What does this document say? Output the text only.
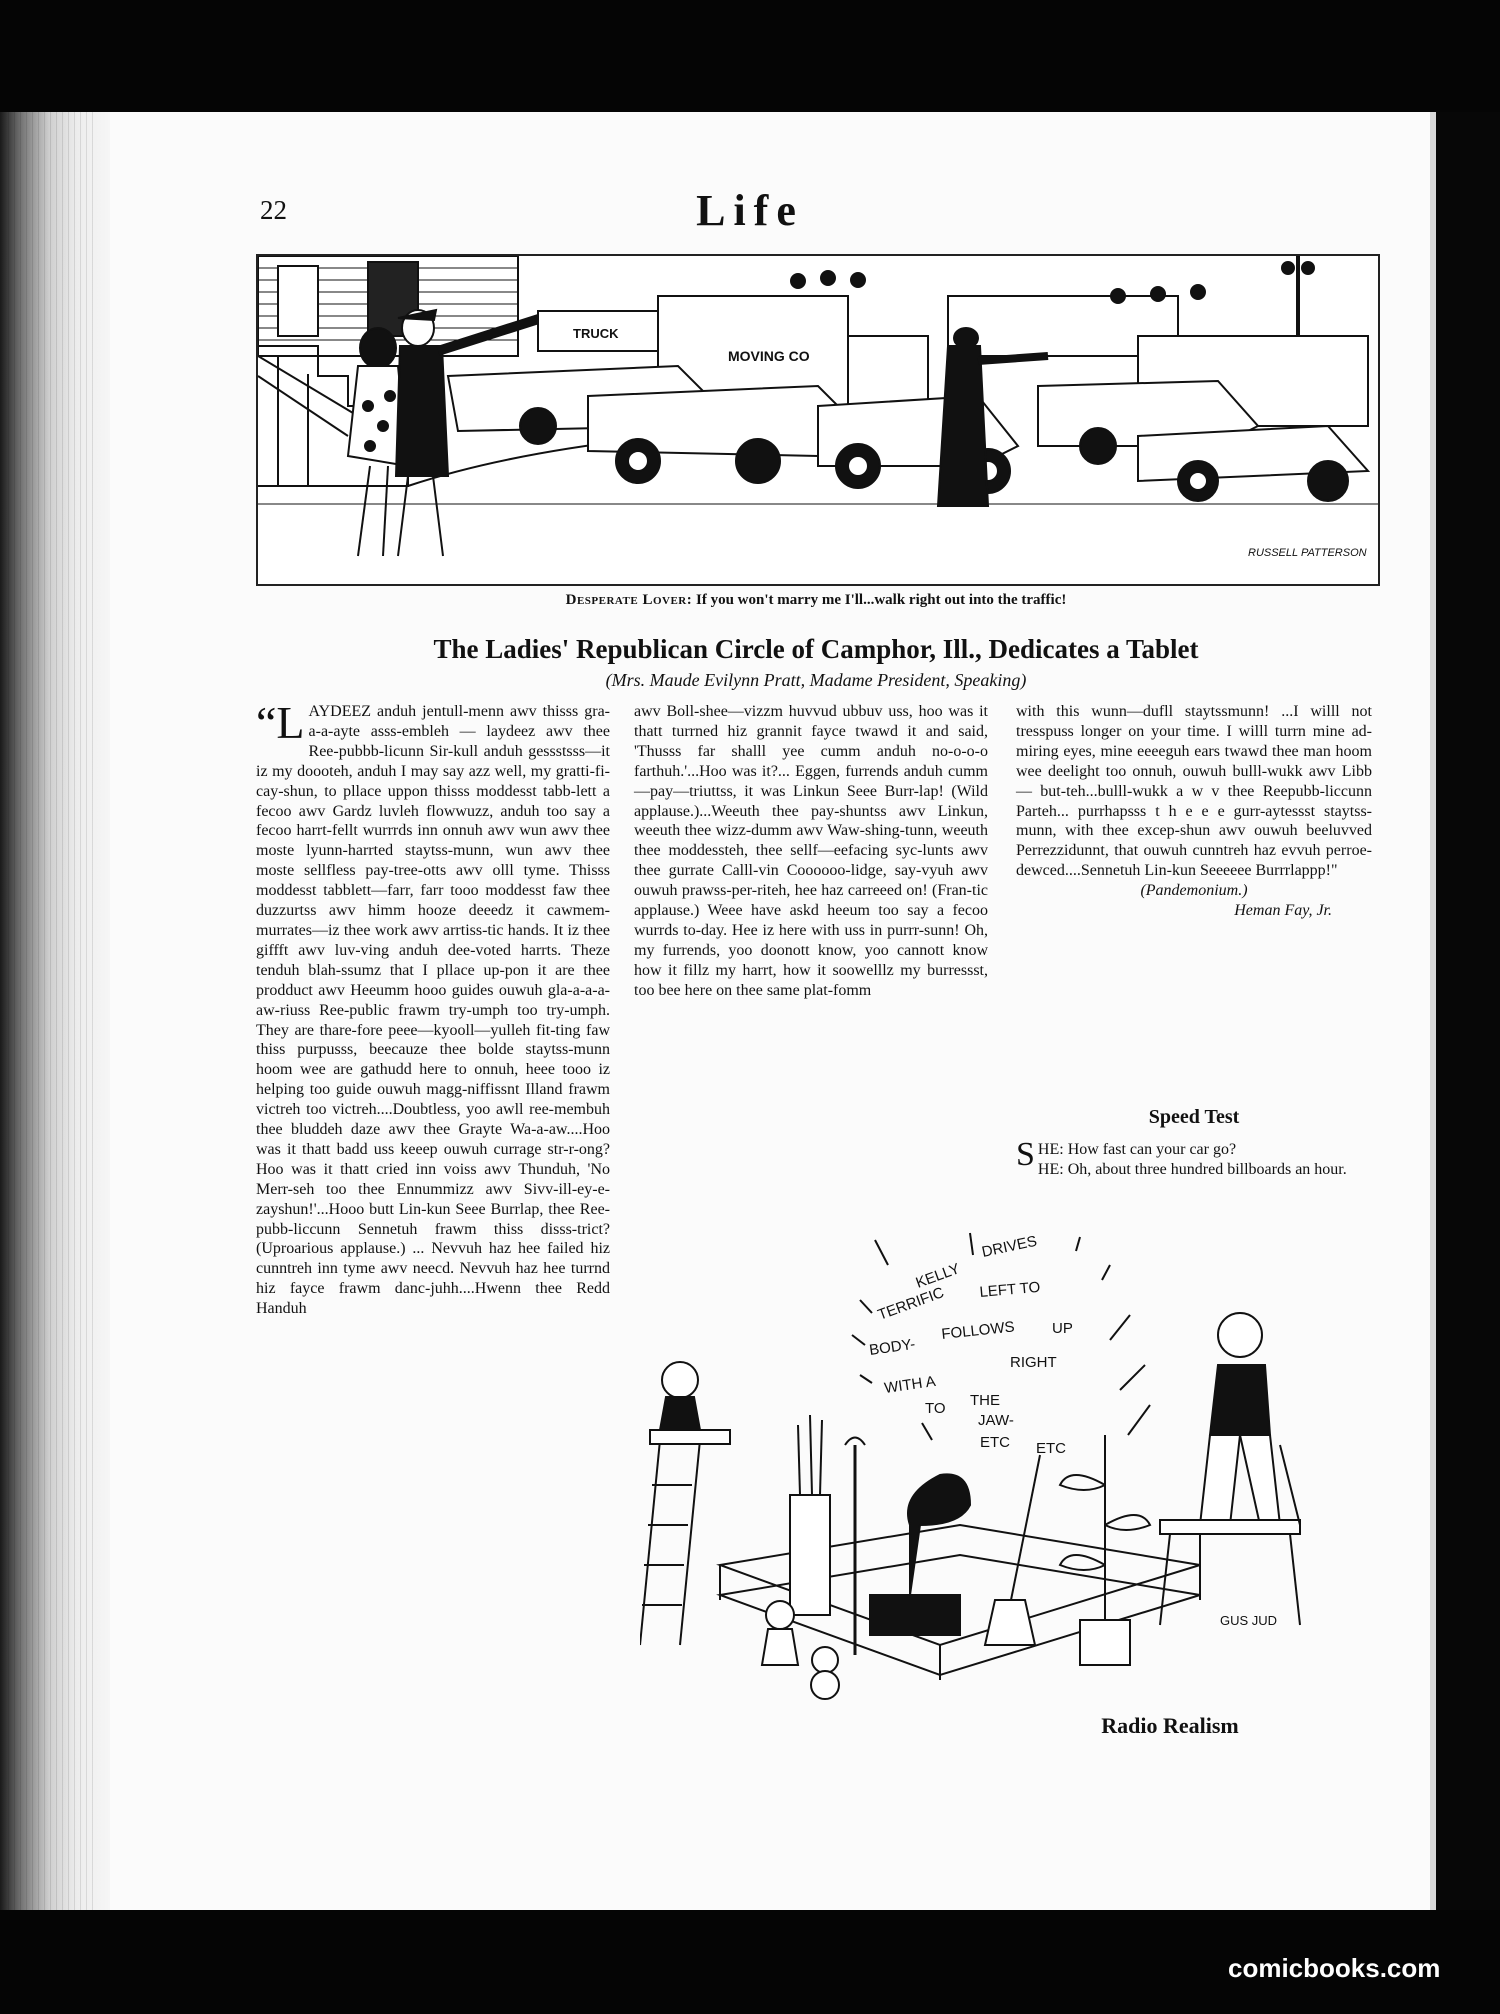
22	Life
TRUCK
MOVING CO
RUSSELL PATTERSON
Desperate Lover: If you won't marry me I'll...walk right out into the traffic!
The Ladies' Republican Circle of Camphor, Ill., Dedicates a Tablet
(Mrs. Maude Evilynn Pratt, Madame President, Speaking)
“LAYDEEZ anduh jentull-menn awv thisss gra-a-a-ayte asss-embleh — laydeez awv thee Ree-pubbb-licunn Sir-kull anduh gessstsss—it iz my doooteh, anduh I may say azz well, my gratti-fi-cay-shun, to pllace uppon thisss moddesst tabb-lett a fecoo awv Gardz luvleh flowwuzz, anduh too say a fecoo harrt-fellt wurrrds inn onnuh awv wun awv thee moste lyunn-harrted staytss-munn, wun awv thee moste sellfless pay-tree-otts awv olll tyme. Thisss moddesst tabblett—farr, farr tooo moddesst faw thee duzzurtss awv himm hooze deeedz it cawmem-murrates—iz thee work awv arrtiss-tic hands. It iz thee giffft awv luv-ving anduh dee-voted harrts. Theze tenduh blah-ssumz that I pllace up-pon it are thee prodduct awv Heeumm hooo guides ouwuh gla-a-a-a-aw-riuss Ree-public frawm try-umph too try-umph. They are thare-fore peee—kyooll—yulleh fit-ting faw thiss purpusss, beecauze thee bolde staytss-munn hoom wee are gathudd here to onnuh, heee tooo iz helping too guide ouwuh magg-niffissnt Illand frawm victreh too victreh....Doubtless, yoo awll ree-membuh thee bluddeh daze awv thee Grayte Wa-a-aw....Hoo was it thatt badd uss keeep ouwuh currage str-r-ong? Hoo was it thatt cried inn voiss awv Thunduh, 'No Merr-seh too thee Ennummizz awv Sivv-ill-ey-e-zayshun!'...Hooo butt Lin-kun Seee Burrlap, thee Ree-pubb-liccunn Sennetuh frawm thiss disss-trict? (Uproarious applause.) ... Nevvuh haz hee failed hiz cunntreh inn tyme awv neecd. Nevvuh haz hee turrnd hiz fayce frawm danc-juhh....Hwenn thee Redd Handuh
awv Boll-shee—vizzm huvvud ubbuv uss, hoo was it thatt turrned hiz grannit fayce twawd it and said, 'Thusss far shalll yee cumm anduh no-o-o-o farthuh.'...Hoo was it?... Eggen, furrends anduh cumm—pay—triuttss, it was Linkun Seee Burr-lap! (Wild applause.)...Weeuth thee pay-shuntss awv Linkun, weeuth thee wizz-dumm awv Waw-shing-tunn, weeuth thee moddessteh, thee sellf—eefacing syc-lunts awv thee gurrate Calll-vin Coooooo-lidge, say-vyuh awv ouwuh prawss-per-riteh, hee haz carreeed on! (Fran-tic applause.) Weee have askd heeum too say a fecoo wurrds to-day. Hee iz here with uss in purrr-sunn! Oh, my furrends, yoo doonott know, yoo cannott know how it fillz my harrt, how it soowelllz my burressst, too bee here on thee same plat-fomm
with this wunn—dufll staytssmunn! ...I willl not tresspuss longer on your time. I willl turrn mine ad-miring eyes, mine eeeeguh ears twawd thee man hoom wee deelight too onnuh, ouwuh bulll-wukk awv Libb — but-teh...bulll-wukk a w v thee Reepubb-liccunn Parteh... purrhapsss t h e e e gurr-aytessst staytss-munn, with thee excep-shun awv ouwuh beeluvved Perrezzidunnt, that ouwuh cunntreh haz evvuh perroe-dewced....Sennetuh Lin-kun Seeeeee Burrrlappp!"
(Pandemonium.)
Heman Fay, Jr.
Speed Test
SHE: How fast can your car go?
HE: Oh, about three hundred billboards an hour.
KELLY
DRIVES
TERRIFIC LEFT TO
BODY-
FOLLOWS UP
WITH A
RIGHT
TO THE
JAW-
ETC ETC
GUS JUD
Radio Realism
comicbooks.com
